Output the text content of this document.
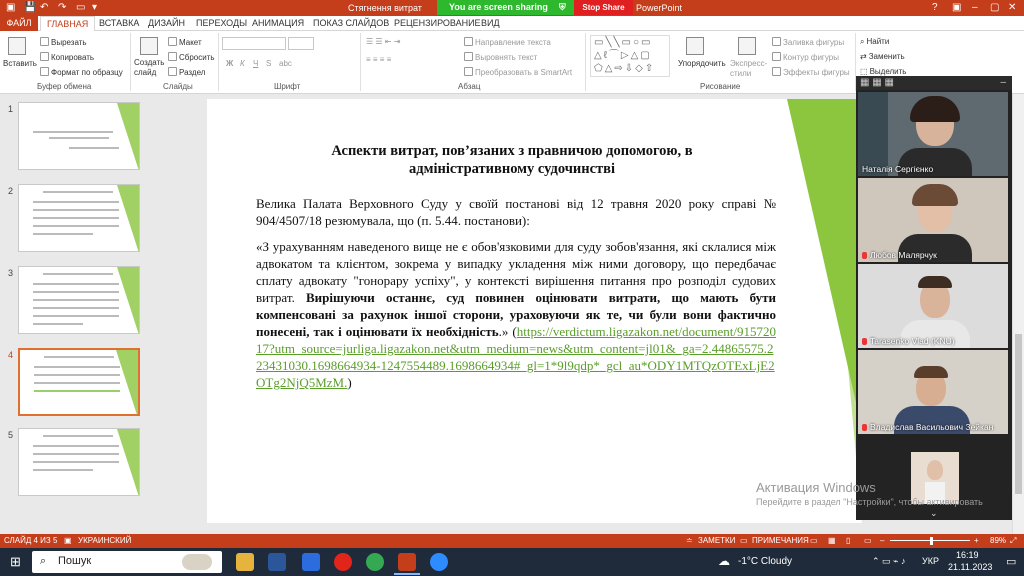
▣ 💾 ↶ ↷ ▭ ▾	Стягнення витрат	PowerPoint
You are screen sharing ⛨	Stop Share	? ▣ – ▢ ✕
ФАЙЛ	ГЛАВНАЯ	ВСТАВКА ДИЗАЙН ПЕРЕХОДЫ АНИМАЦИЯ ПОКАЗ СЛАЙДОВ РЕЦЕНЗИРОВАНИЕ ВИД
Вставить
Вырезать
Копировать
Формат по образцу
Буфер обмена
Создать слайд
Макет
Сбросить
Раздел
Слайды
Ж К Ч S abc
Шрифт
☰ ☰ ⇤ ⇥
≡ ≡ ≡ ≡
Направление текста
Выровнять текст
Преобразовать в SmartArt
Абзац
▭╲╲▭○▭
△ℓ⌒▷△▢
⬠△⇨⇩◇⇧	Упорядочить Экспресс-стили
Заливка фигуры
Контур фигуры
Эффекты фигуры
Рисование
⌕ Найти
⇄ Заменить
⬚ Выделить
1
2
3
4
5
Аспекти витрат, пов’язаних з правничою допомогою, в адміністративному судочинстві
Велика Палата Верховного Суду у своїй постанові від 12 травня 2020 року справі № 904/4507/18 резюмувала, що (п. 5.44. постанови):
«З урахуванням наведеного вище не є обов'язковими для суду зобов'язання, які склалися між адвокатом та клієнтом, зокрема у випадку укладення між ними договору, що передбачає сплату адвокату "гонорару успіху", у контексті вирішення питання про розподіл судових витрат. Вирішуючи останнє, суд повинен оцінювати витрати, що мають бути компенсовані за рахунок іншої сторони, ураховуючи як те, чи були вони фактично понесені, так і оцінювати їх необхідність.» (https://verdictum.ligazakon.net/document/91572017?utm_source=jurliga.ligazakon.net&utm_medium=news&utm_content=jl01&_ga=2.44865575.223431030.1698664934-1247554489.1698664934#_gl=1*9l9qdp*_gcl_au*ODY1MTQzOTExLjE2OTg2NjQ5MzM.)
▦ ▦ ▦	–
Наталія Сергієнко
Любов Малярчук
Tarasenko Vlad (KNU)
Владислав Васильович Зейкан
⌄
Активация Windows
Перейдите в раздел "Настройки", чтобы активировать
СЛАЙД 4 ИЗ 5 ▣ УКРАИНСКИЙ	≐ ЗАМЕТКИ ▭ ПРИМЕЧАНИЯ ▭ ▦ ▯ ▭ –	+ 89% ⤢
⊞ ⌕ Пошук	☁ -1°C Cloudy	⌃ ▭ ⌁ ♪ УКР
16:19
21.11.2023 ▭
